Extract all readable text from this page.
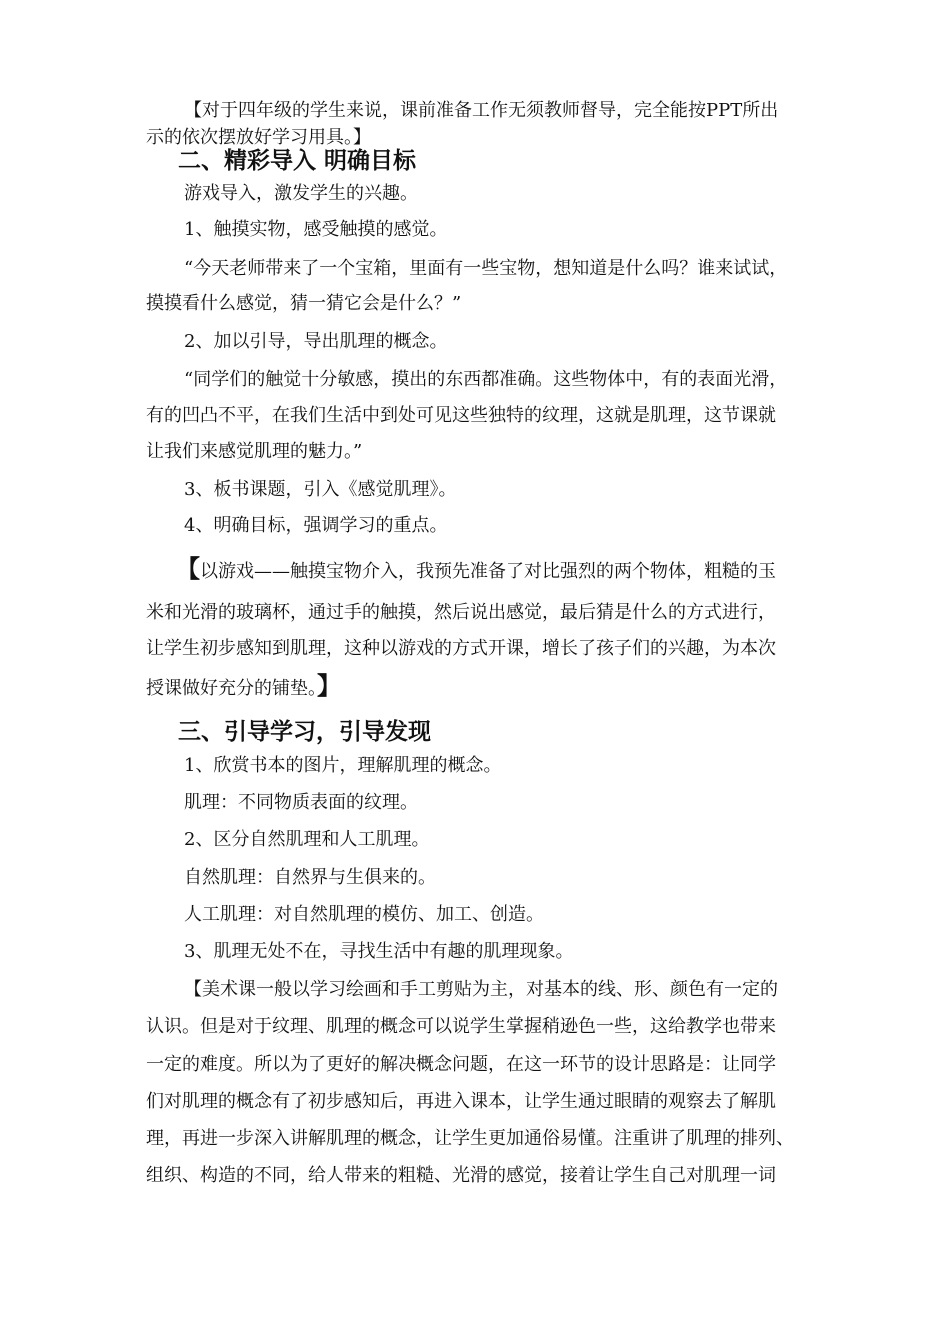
【对于四年级的学生来说，课前准备工作无须教师督导，完全能按PPT所出
示的依次摆放好学习用具。】
二、精彩导入 明确目标
游戏导入，激发学生的兴趣。
1、触摸实物，感受触摸的感觉。
“今天老师带来了一个宝箱，里面有一些宝物，想知道是什么吗？谁来试试，
摸摸看什么感觉，猜一猜它会是什么？”
2、加以引导，导出肌理的概念。
“同学们的触觉十分敏感，摸出的东西都准确。这些物体中，有的表面光滑，
有的凹凸不平，在我们生活中到处可见这些独特的纹理，这就是肌理，这节课就
让我们来感觉肌理的魅力。”
3、板书课题，引入《感觉肌理》。
4、明确目标，强调学习的重点。
【以游戏——触摸宝物介入，我预先准备了对比强烈的两个物体，粗糙的玉
米和光滑的玻璃杯，通过手的触摸，然后说出感觉，最后猜是什么的方式进行，
让学生初步感知到肌理，这种以游戏的方式开课，增长了孩子们的兴趣，为本次
授课做好充分的铺垫。】
三、引导学习，引导发现
1、欣赏书本的图片，理解肌理的概念。
肌理：不同物质表面的纹理。
2、区分自然肌理和人工肌理。
自然肌理：自然界与生俱来的。
人工肌理：对自然肌理的模仿、加工、创造。
3、肌理无处不在，寻找生活中有趣的肌理现象。
【美术课一般以学习绘画和手工剪贴为主，对基本的线、形、颜色有一定的
认识。但是对于纹理、肌理的概念可以说学生掌握稍逊色一些，这给教学也带来
一定的难度。所以为了更好的解决概念问题，在这一环节的设计思路是：让同学
们对肌理的概念有了初步感知后，再进入课本，让学生通过眼睛的观察去了解肌
理，再进一步深入讲解肌理的概念，让学生更加通俗易懂。注重讲了肌理的排列、
组织、构造的不同，给人带来的粗糙、光滑的感觉，接着让学生自己对肌理一词
